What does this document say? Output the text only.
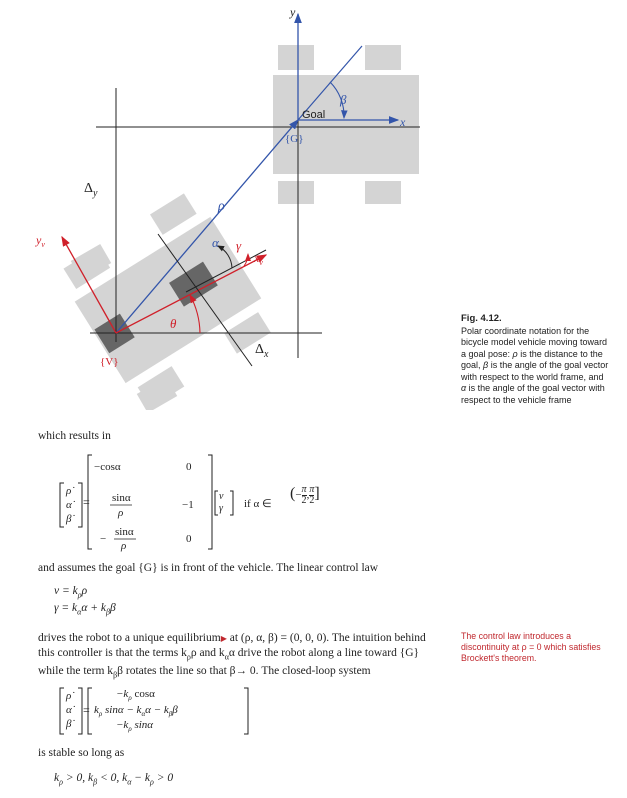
y
x
Goal
{G}
β
$\Delta_y$
$\Delta_x$
ρ
α γ
$x_v$
$y_v$
θ
{V}
Fig. 4.12.
Polar coordinate notation for the bicycle model vehicle moving toward a goal pose: ρ is the distance to the goal, β is the angle of the goal vector with respect to the world frame, and α is the angle of the goal vector with respect to the vehicle frame
which results in
ρ̇
α̇
β̇
=
−cosα	0
sinα
ρ
−1
−
sinα
ρ
0
v
γ if α ∈
(− $\frac{\pi}{2}$ , $\frac{\pi}{2}$ ]
and assumes the goal {G} is in front of the vehicle. The linear control law
$v = k_\rho\rho$
$\gamma = k_\alpha\alpha + k_\beta\beta$
drives the robot to a unique equilibrium▶ at (ρ, α, β) = (0, 0, 0). The intuition behind
this controller is that the terms $k_\rho\rho$ and $k_\alpha\alpha$ drive the robot along a line toward {G}
while the term $k_\beta\beta$ rotates the line so that β→ 0. The closed-loop system
ρ̇
α̇
β̇
=
$-k_\rho$ cosα
$k_\rho$ $\sin\alpha - k_\alpha\alpha - k_\beta\beta$
$-k_\rho$ sinα
is stable so long as
$k_\rho > 0$, $k_\beta < 0$, $k_\alpha - k_\rho > 0$
The control law introduces a discontinuity at ρ = 0 which satisfies Brockett's theorem.
